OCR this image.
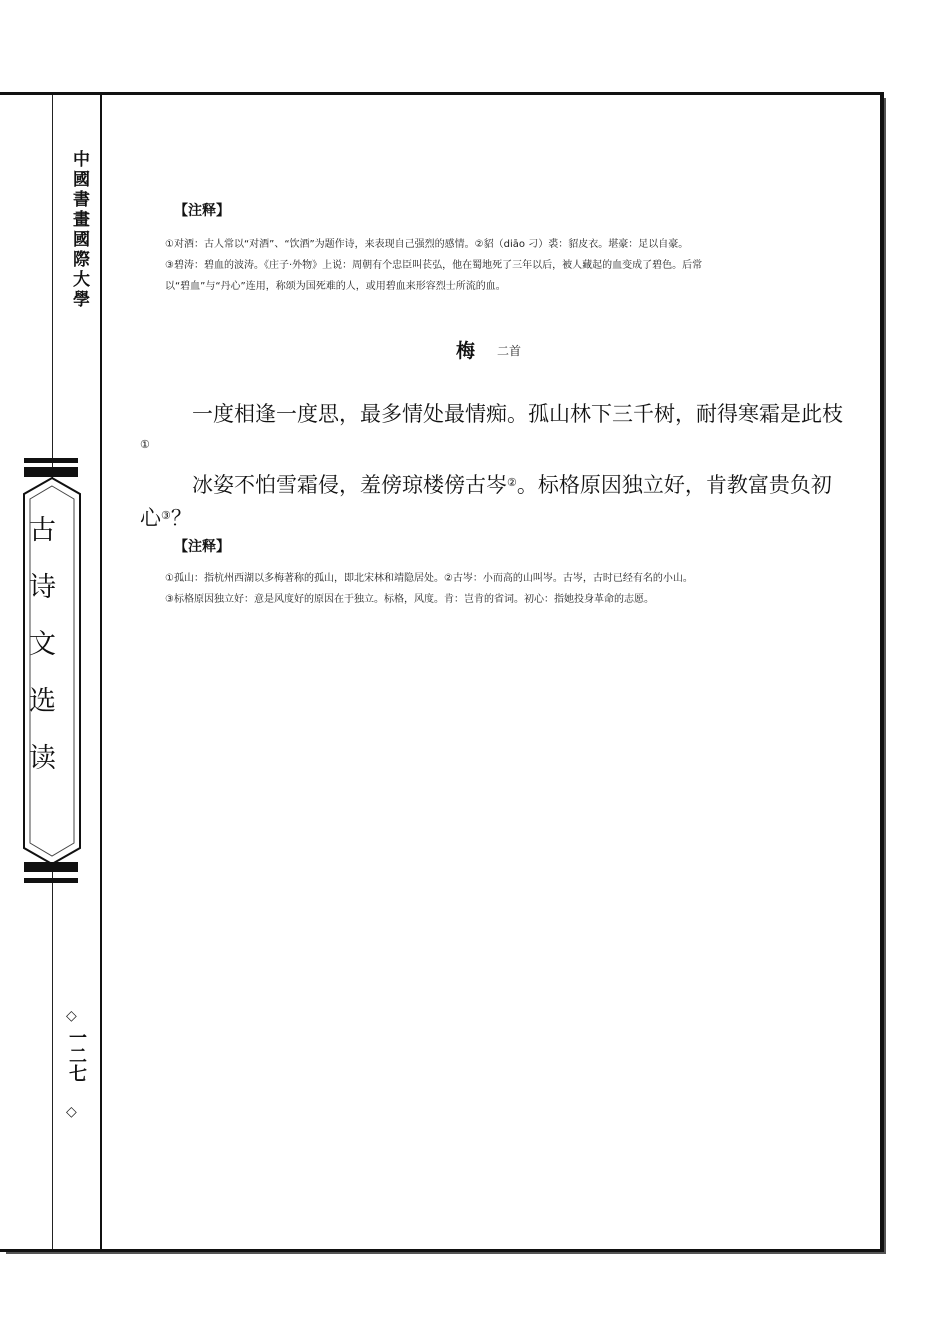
中國書畫國際大學
古诗文选读
◇
一二七
◇
【注释】
①对酒：古人常以“对酒”、“饮酒”为题作诗，来表现自己强烈的感情。②貂（diāo 刁）裘：貂皮衣。堪豪：足以自豪。
③碧涛：碧血的波涛。《庄子·外物》上说：周朝有个忠臣叫苌弘，他在蜀地死了三年以后，被人藏起的血变成了碧色。后常
以“碧血”与“丹心”连用，称颂为国死难的人，或用碧血来形容烈士所流的血。
梅 二首

一度相逢一度思，最多情处最情痴。孤山林下三千树，耐得寒霜是此枝①

冰姿不怕雪霜侵，羞傍琼楼傍古岑②。标格原因独立好，肯教富贵负初心③？

【注释】
①孤山：指杭州西湖以多梅著称的孤山，即北宋林和靖隐居处。②古岑：小而高的山叫岑。古岑，古时已经有名的小山。
③标格原因独立好：意是风度好的原因在于独立。标格，风度。肯：岂肯的省词。初心：指她投身革命的志愿。
